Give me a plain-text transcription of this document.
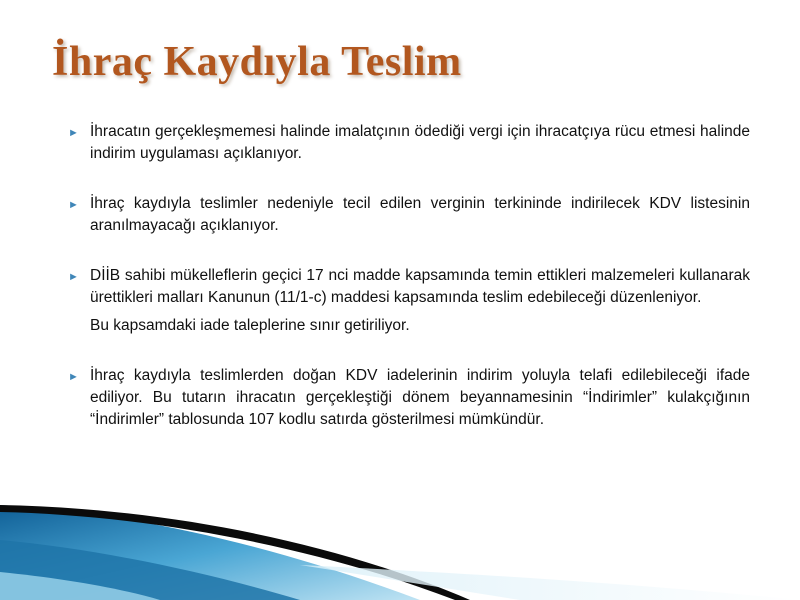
İhraç Kaydıyla Teslim
► İhracatın gerçekleşmemesi halinde imalatçının ödediği vergi için ihracatçıya rücu etmesi halinde indirim uygulaması açıklanıyor.
► İhraç kaydıyla teslimler nedeniyle tecil edilen verginin terkininde indirilecek KDV listesinin aranılmayacağı açıklanıyor.
► DİİB sahibi mükelleflerin geçici 17 nci madde kapsamında temin ettikleri malzemeleri kullanarak ürettikleri malları Kanunun (11/1-c) maddesi kapsamında teslim edebileceği düzenleniyor.
Bu kapsamdaki iade taleplerine sınır getiriliyor.
► İhraç kaydıyla teslimlerden doğan KDV iadelerinin indirim yoluyla telafi edilebileceği ifade ediliyor. Bu tutarın ihracatın gerçekleştiği dönem beyannamesinin “İndirimler” kulakçığının “İndirimler” tablosunda 107 kodlu satırda gösterilmesi mümkündür.
